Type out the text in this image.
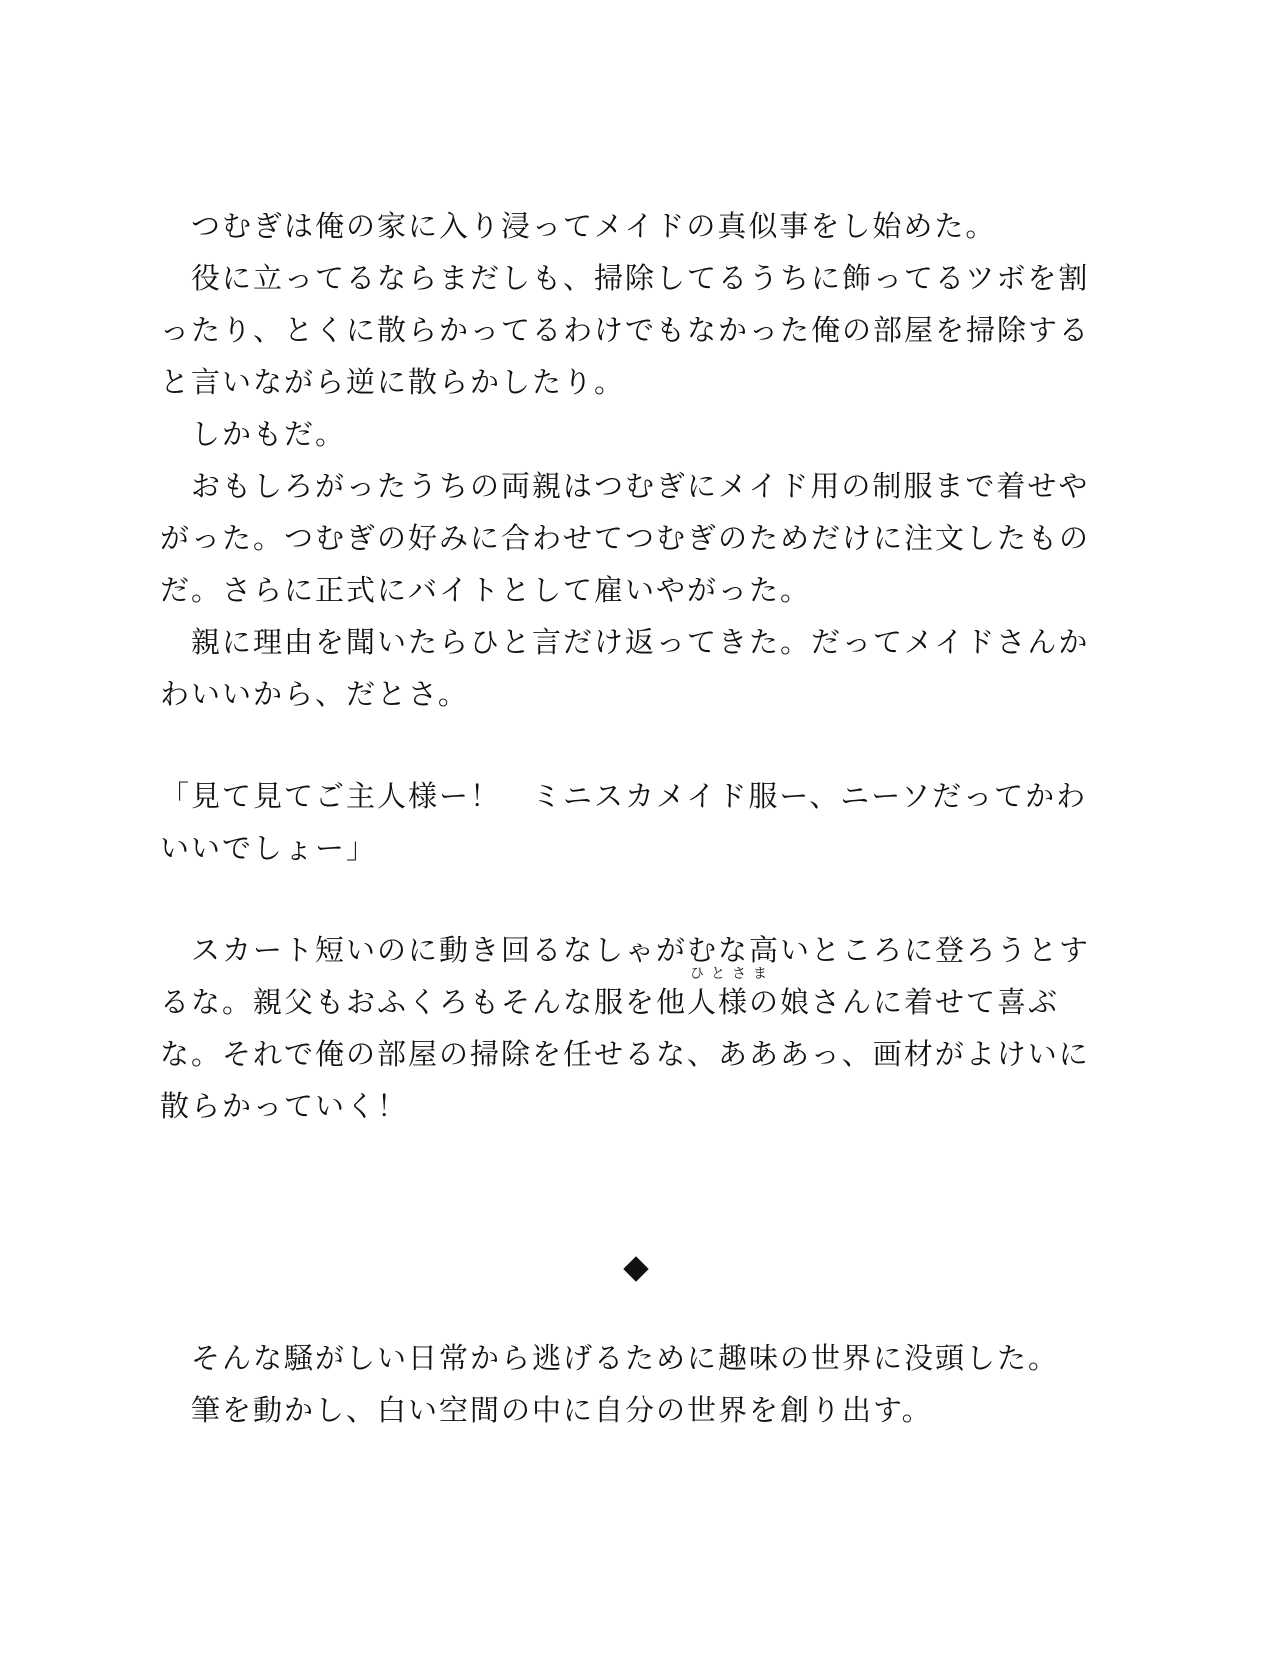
　つむぎは俺の家に入り浸ってメイドの真似事をし始めた。
　役に立ってるならまだしも、掃除してるうちに飾ってるツボを割
ったり、とくに散らかってるわけでもなかった俺の部屋を掃除する
と言いながら逆に散らかしたり。
　しかもだ。
　おもしろがったうちの両親はつむぎにメイド用の制服まで着せや
がった。つむぎの好みに合わせてつむぎのためだけに注文したもの
だ。さらに正式にバイトとして雇いやがった。
　親に理由を聞いたらひと言だけ返ってきた。だってメイドさんか
わいいから、だとさ。
「見て見てご主人様ー！　ミニスカメイド服ー、ニーソだってかわ
いいでしょー」
　スカート短いのに動き回るなしゃがむな高いところに登ろうとす
ひとさま
るな。親父もおふくろもそんな服を他人様の娘さんに着せて喜ぶ
な。それで俺の部屋の掃除を任せるな、あああっ、画材がよけいに
散らかっていく！
　そんな騒がしい日常から逃げるために趣味の世界に没頭した。
　筆を動かし、白い空間の中に自分の世界を創り出す。
